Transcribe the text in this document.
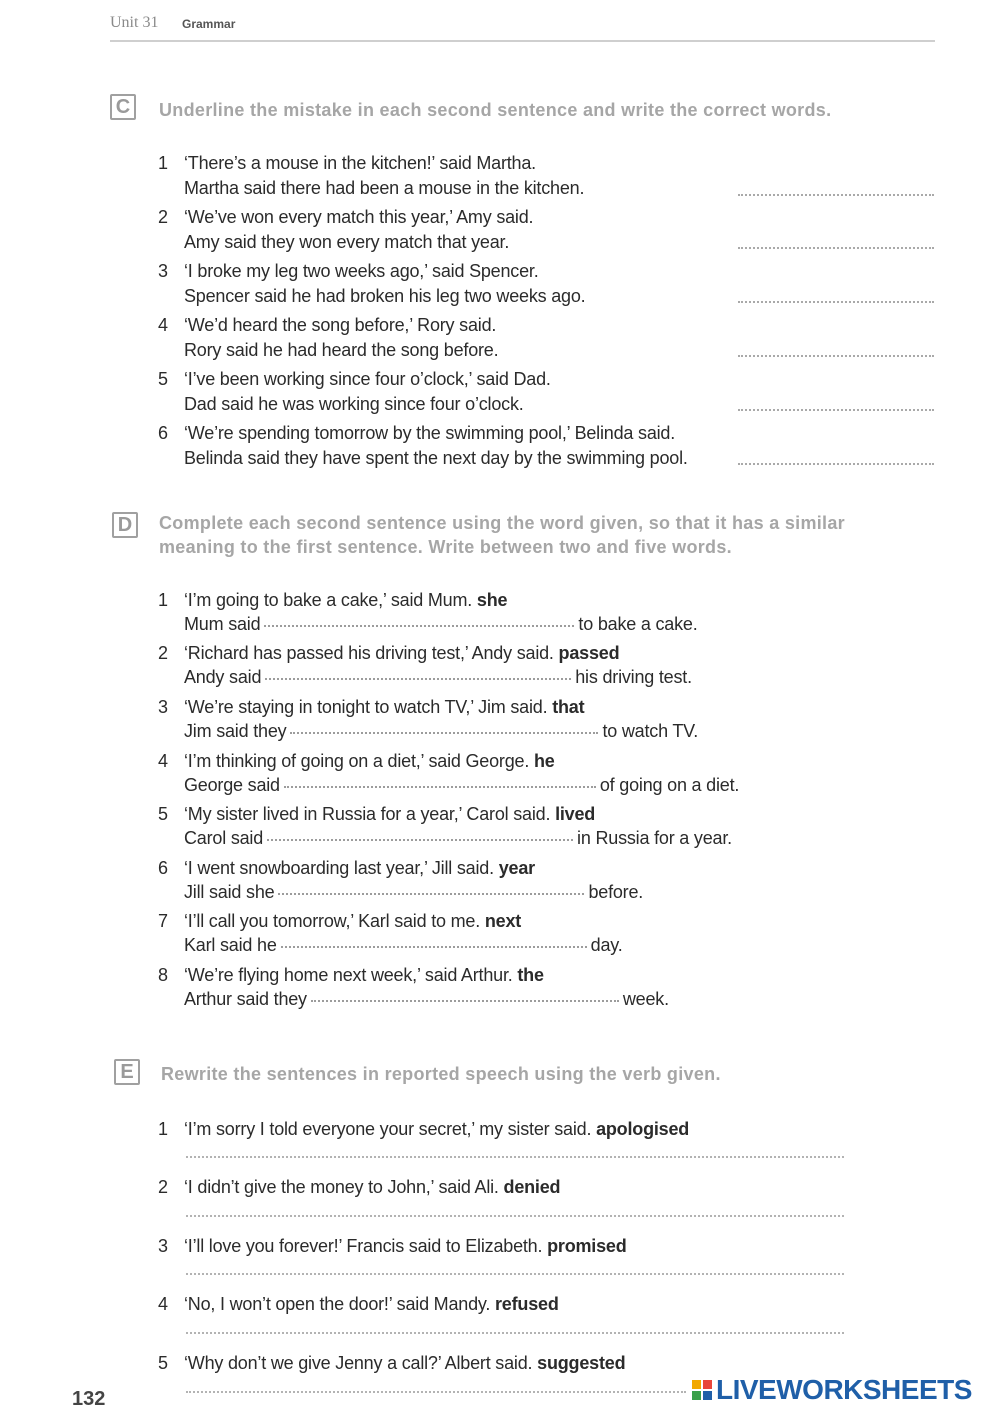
Unit 31 Grammar
C	Underline the mistake in each second sentence and write the correct words.
1 ‘There’s a mouse in the kitchen!’ said Martha.
Martha said there had been a mouse in the kitchen.
2 ‘We’ve won every match this year,’ Amy said.
Amy said they won every match that year.
3 ‘I broke my leg two weeks ago,’ said Spencer.
Spencer said he had broken his leg two weeks ago.
4 ‘We’d heard the song before,’ Rory said.
Rory said he had heard the song before.
5 ‘I’ve been working since four o’clock,’ said Dad.
Dad said he was working since four o’clock.
6 ‘We’re spending tomorrow by the swimming pool,’ Belinda said.
Belinda said they have spent the next day by the swimming pool.
D	Complete each second sentence using the word given, so that it has a similar
meaning to the first sentence. Write between two and five words.
1 ‘I’m going to bake a cake,’ said Mum. she
Mum said	to bake a cake.
2 ‘Richard has passed his driving test,’ Andy said. passed
Andy said	his driving test.
3 ‘We’re staying in tonight to watch TV,’ Jim said. that
Jim said they	to watch TV.
4 ‘I’m thinking of going on a diet,’ said George. he
George said	of going on a diet.
5 ‘My sister lived in Russia for a year,’ Carol said. lived
Carol said	in Russia for a year.
6 ‘I went snowboarding last year,’ Jill said. year
Jill said she	before.
7 ‘I’ll call you tomorrow,’ Karl said to me. next
Karl said he	day.
8 ‘We’re flying home next week,’ said Arthur. the
Arthur said they	week.
E	Rewrite the sentences in reported speech using the verb given.
1 ‘I’m sorry I told everyone your secret,’ my sister said. apologised
2 ‘I didn’t give the money to John,’ said Ali. denied
3 ‘I’ll love you forever!’ Francis said to Elizabeth. promised
4 ‘No, I won’t open the door!’ said Mandy. refused
5 ‘Why don’t we give Jenny a call?’ Albert said. suggested
132	LIVEWORKSHEETS
